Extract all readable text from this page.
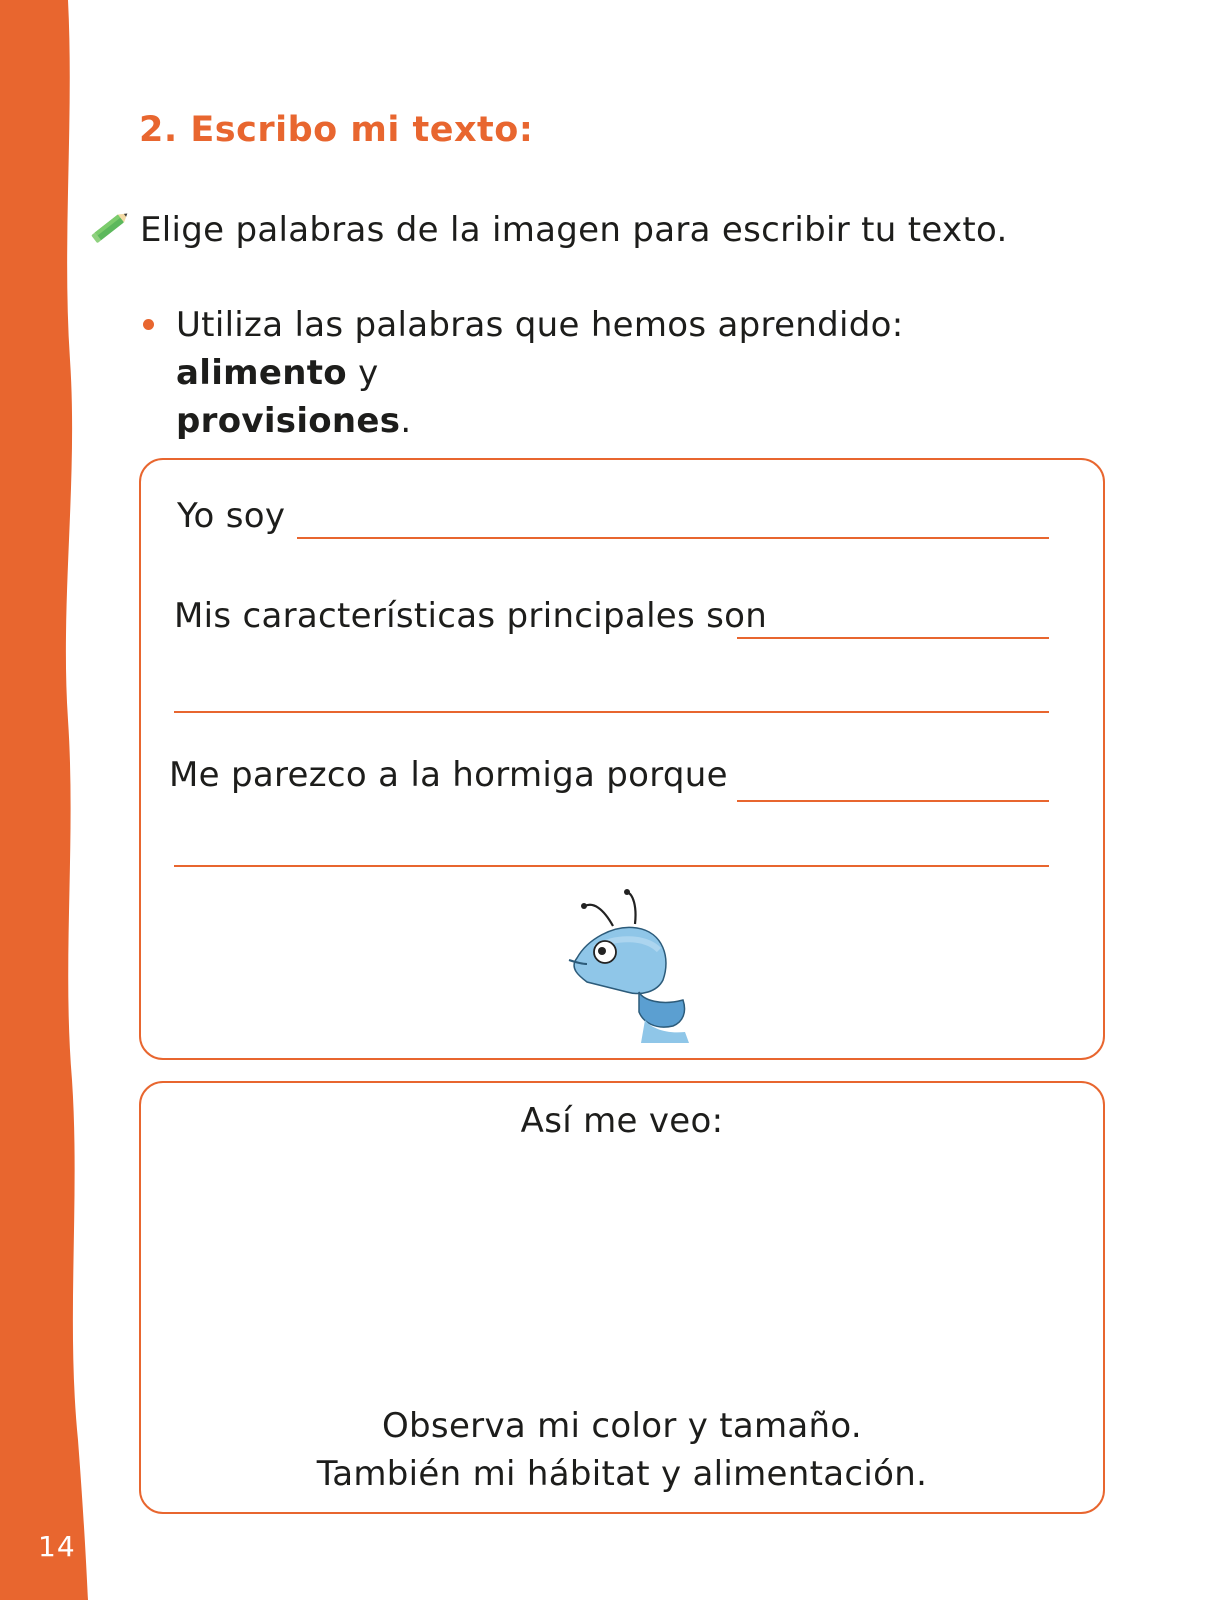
14
2. Escribo mi texto:
Elige palabras de la imagen para escribir tu texto.
Utiliza las palabras que hemos aprendido: alimento y
provisiones.
Yo soy
Mis características principales son
Me parezco a la hormiga porque
Así me veo:
Observa mi color y tamaño.
También mi hábitat y alimentación.
